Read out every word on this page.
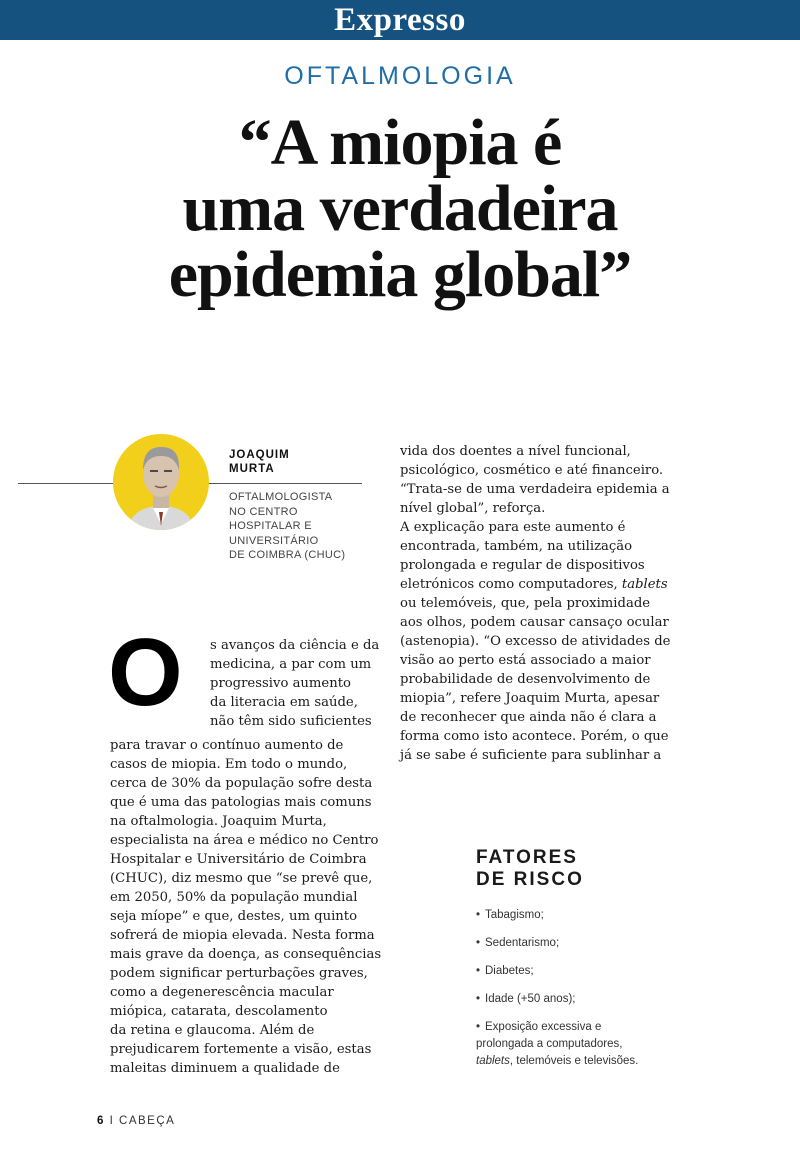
Expresso
OFTALMOLOGIA
“A miopia é
uma verdadeira
epidemia global”
JOAQUIM
MURTA
OFTALMOLOGISTA
NO CENTRO
HOSPITALAR E
UNIVERSITÁRIO
DE COIMBRA (CHUC)
O	s avanços da ciência e da
medicina, a par com um
progressivo aumento
da literacia em saúde,
não têm sido suficientes
para travar o contínuo aumento de
casos de miopia. Em todo o mundo,
cerca de 30% da população sofre desta
que é uma das patologias mais comuns
na oftalmologia. Joaquim Murta,
especialista na área e médico no Centro
Hospitalar e Universitário de Coimbra
(CHUC), diz mesmo que “se prevê que,
em 2050, 50% da população mundial
seja míope” e que, destes, um quinto
sofrerá de miopia elevada. Nesta forma
mais grave da doença, as consequências
podem significar perturbações graves,
como a degenerescência macular
miópica, catarata, descolamento
da retina e glaucoma. Além de
prejudicarem fortemente a visão, estas
maleitas diminuem a qualidade de
vida dos doentes a nível funcional,
psicológico, cosmético e até financeiro.
“Trata-se de uma verdadeira epidemia a
nível global”, reforça.
A explicação para este aumento é
encontrada, também, na utilização
prolongada e regular de dispositivos
eletrónicos como computadores, tablets
ou telemóveis, que, pela proximidade
aos olhos, podem causar cansaço ocular
(astenopia). “O excesso de atividades de
visão ao perto está associado a maior
probabilidade de desenvolvimento de
miopia”, refere Joaquim Murta, apesar
de reconhecer que ainda não é clara a
forma como isto acontece. Porém, o que
já se sabe é suficiente para sublinhar a
FATORES
DE RISCO
• Tabagismo;
• Sedentarismo;
• Diabetes;
• Idade (+50 anos);
• Exposição excessiva e
prolongada a computadores,
tablets, telemóveis e televisões.
6 I CABEÇA
